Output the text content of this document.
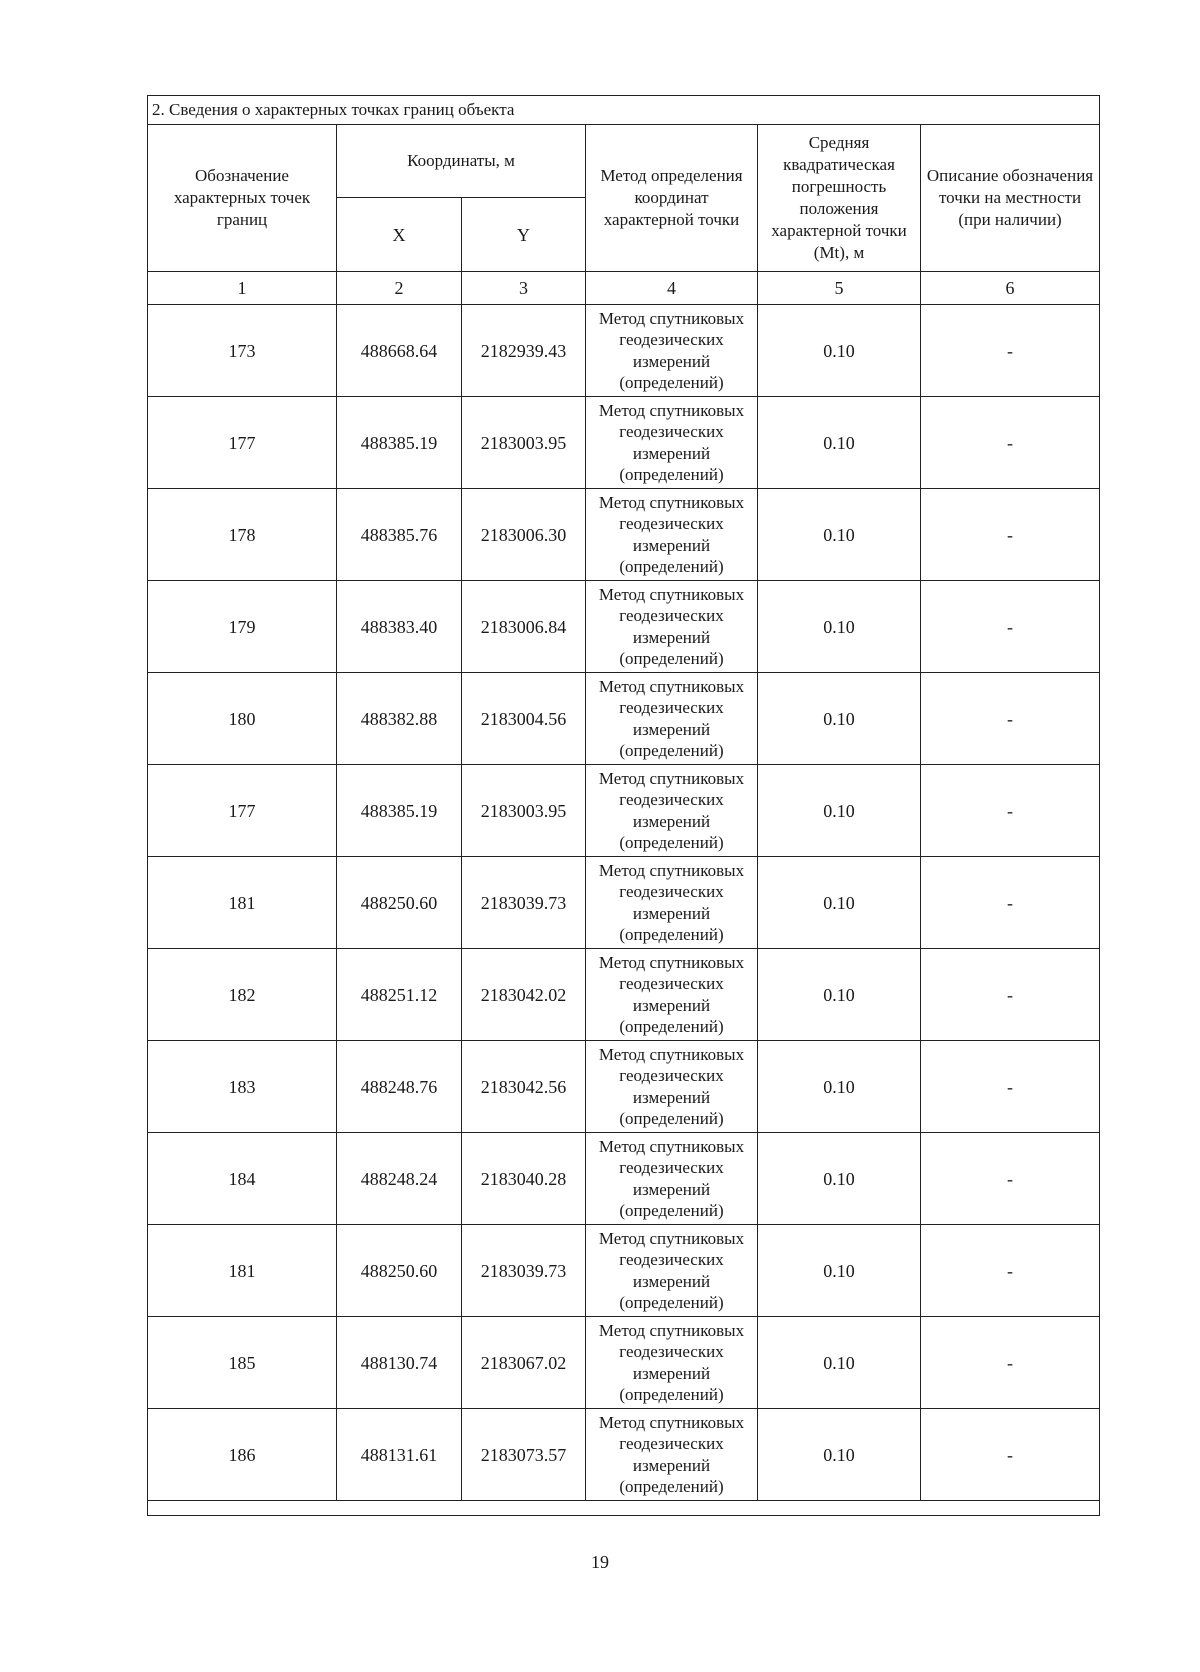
2. Сведения о характерных точках границ объекта					
Обозначение характерных точек границ	Координаты, м		Метод определения координат характерной точки	Средняя квадратическая погрешность положения характерной точки (Mt), м	Описание обозначения точки на местности (при наличии)
	X	Y			
1	2	3	4	5	6
173	488668.64	2182939.43	Метод спутниковых геодезических измерений (определений)	0.10	-
177	488385.19	2183003.95	Метод спутниковых геодезических измерений (определений)	0.10	-
178	488385.76	2183006.30	Метод спутниковых геодезических измерений (определений)	0.10	-
179	488383.40	2183006.84	Метод спутниковых геодезических измерений (определений)	0.10	-
180	488382.88	2183004.56	Метод спутниковых геодезических измерений (определений)	0.10	-
177	488385.19	2183003.95	Метод спутниковых геодезических измерений (определений)	0.10	-
181	488250.60	2183039.73	Метод спутниковых геодезических измерений (определений)	0.10	-
182	488251.12	2183042.02	Метод спутниковых геодезических измерений (определений)	0.10	-
183	488248.76	2183042.56	Метод спутниковых геодезических измерений (определений)	0.10	-
184	488248.24	2183040.28	Метод спутниковых геодезических измерений (определений)	0.10	-
181	488250.60	2183039.73	Метод спутниковых геодезических измерений (определений)	0.10	-
185	488130.74	2183067.02	Метод спутниковых геодезических измерений (определений)	0.10	-
186	488131.61	2183073.57	Метод спутниковых геодезических измерений (определений)	0.10	-

19
